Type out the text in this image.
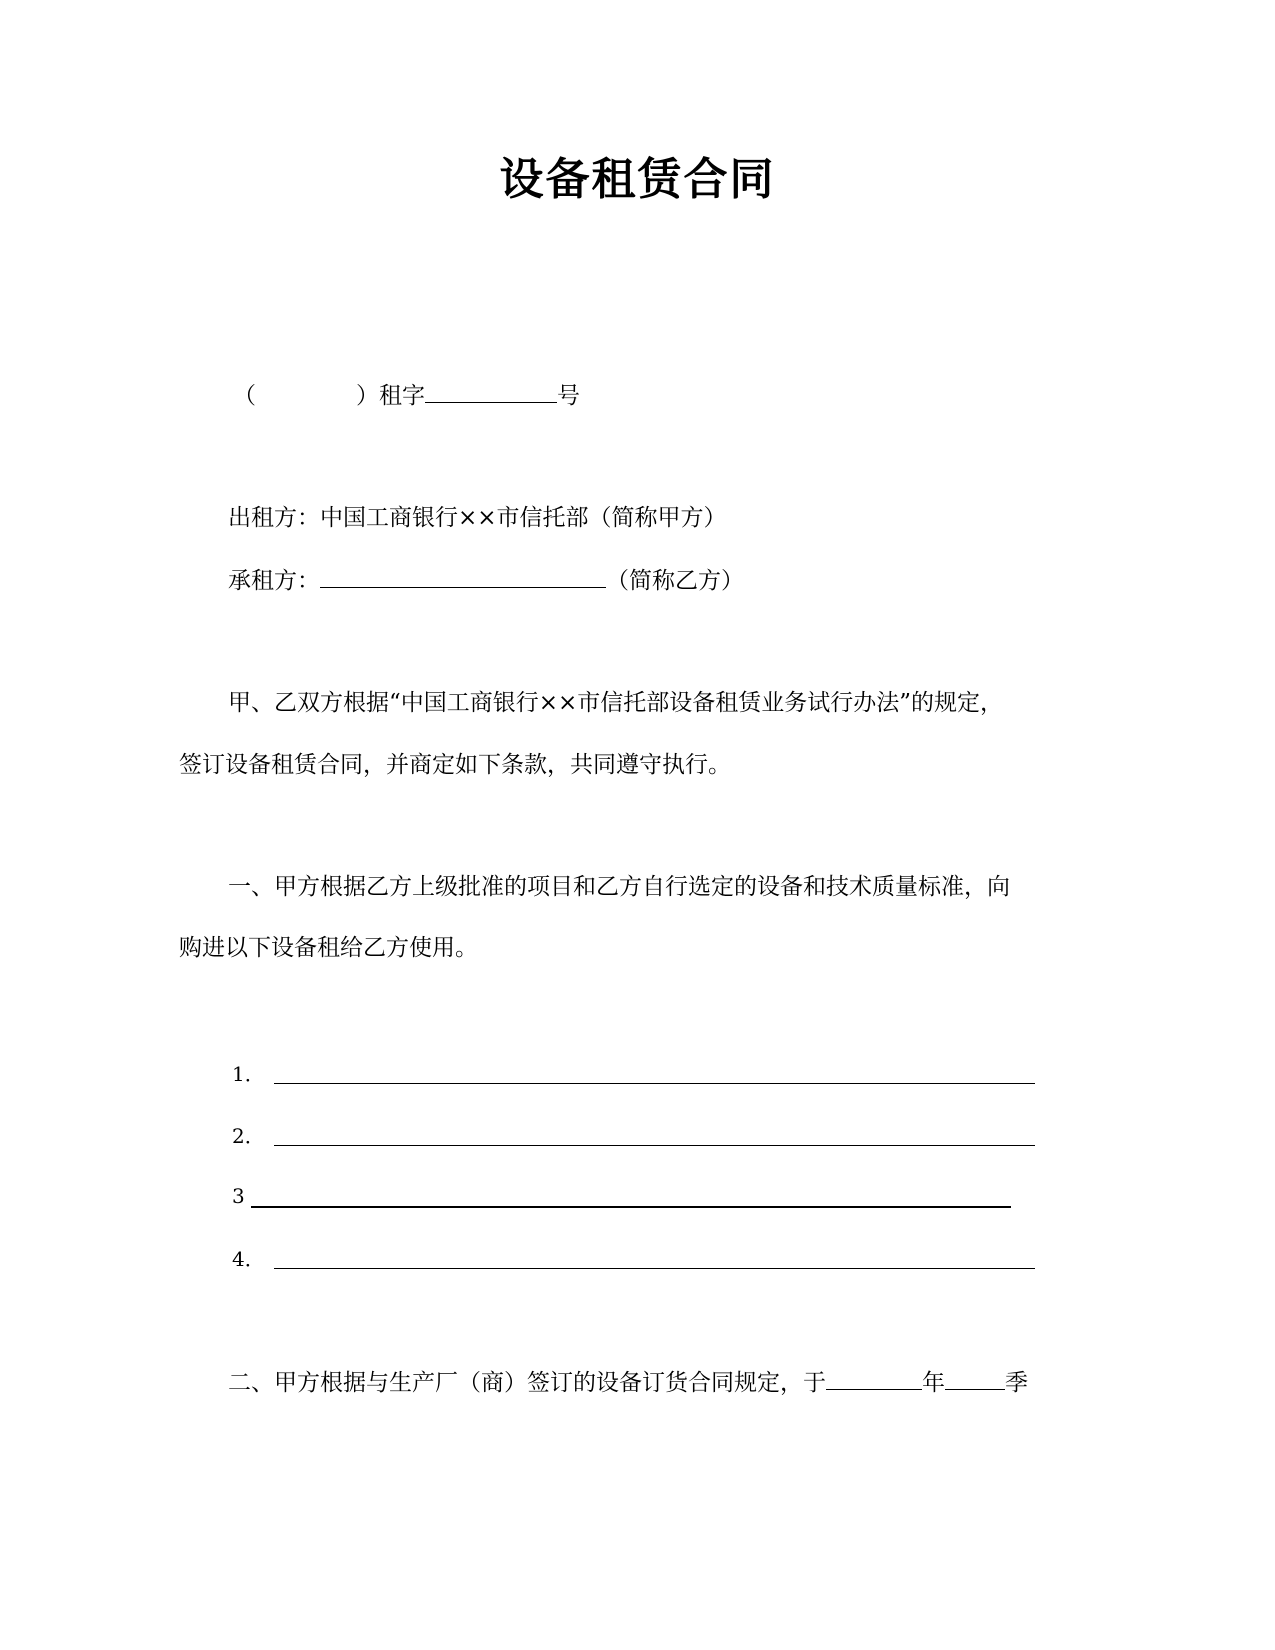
设备租赁合同
（	）租字	号
出租方：中国工商银行××市信托部（简称甲方）
承租方：	（简称乙方）
甲、乙双方根据“中国工商银行××市信托部设备租赁业务试行办法”的规定，
签订设备租赁合同，并商定如下条款，共同遵守执行。
一、甲方根据乙方上级批准的项目和乙方自行选定的设备和技术质量标准，向
购进以下设备租给乙方使用。
1．
2．
3
4．
二、甲方根据与生产厂（商）签订的设备订货合同规定，于	年	季
